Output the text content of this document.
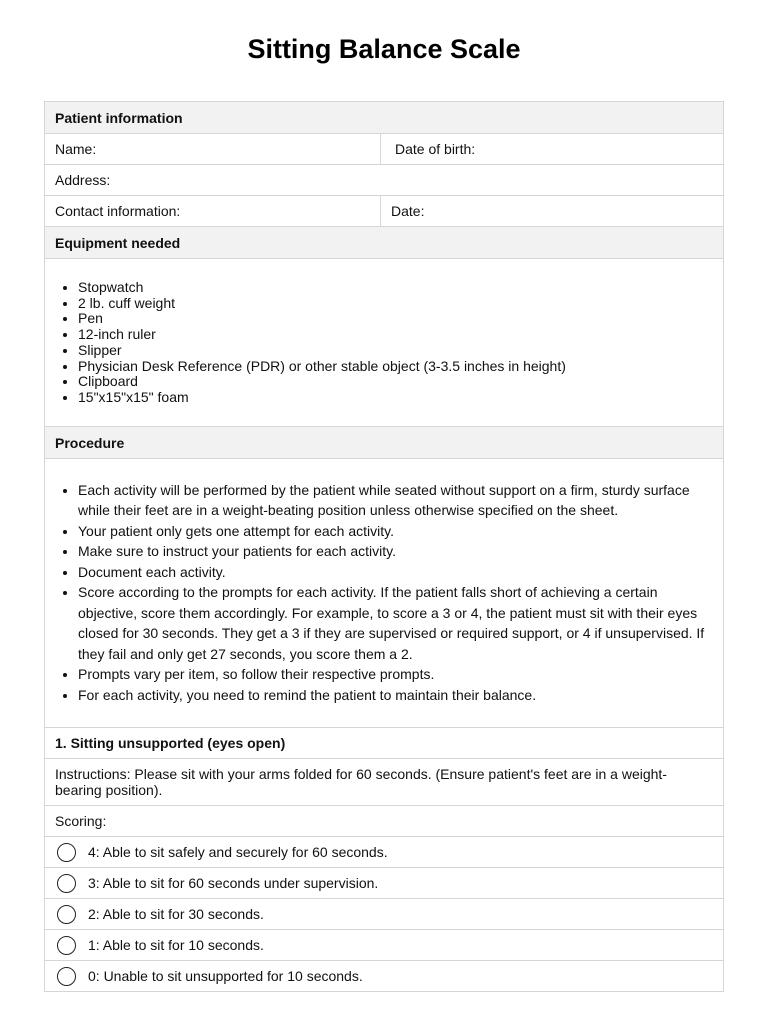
Sitting Balance Scale
Patient information
Name:	Date of birth:
Address:
Contact information:	Date:
Equipment needed
• Stopwatch
• 2 lb. cuff weight
• Pen
• 12-inch ruler
• Slipper
• Physician Desk Reference (PDR) or other stable object (3-3.5 inches in height)
• Clipboard
• 15"x15"x15" foam
Procedure
• Each activity will be performed by the patient while seated without support on a firm, sturdy surface while their feet are in a weight-beating position unless otherwise specified on the sheet.
• Your patient only gets one attempt for each activity.
• Make sure to instruct your patients for each activity.
• Document each activity.
• Score according to the prompts for each activity. If the patient falls short of achieving a certain objective, score them accordingly. For example, to score a 3 or 4, the patient must sit with their eyes closed for 30 seconds. They get a 3 if they are supervised or required support, or 4 if unsupervised. If they fail and only get 27 seconds, you score them a 2.
• Prompts vary per item, so follow their respective prompts.
• For each activity, you need to remind the patient to maintain their balance.
1. Sitting unsupported (eyes open)
Instructions: Please sit with your arms folded for 60 seconds. (Ensure patient's feet are in a weight-bearing position).
Scoring:
4: Able to sit safely and securely for 60 seconds.
3: Able to sit for 60 seconds under supervision.
2: Able to sit for 30 seconds.
1: Able to sit for 10 seconds.
0: Unable to sit unsupported for 10 seconds.
